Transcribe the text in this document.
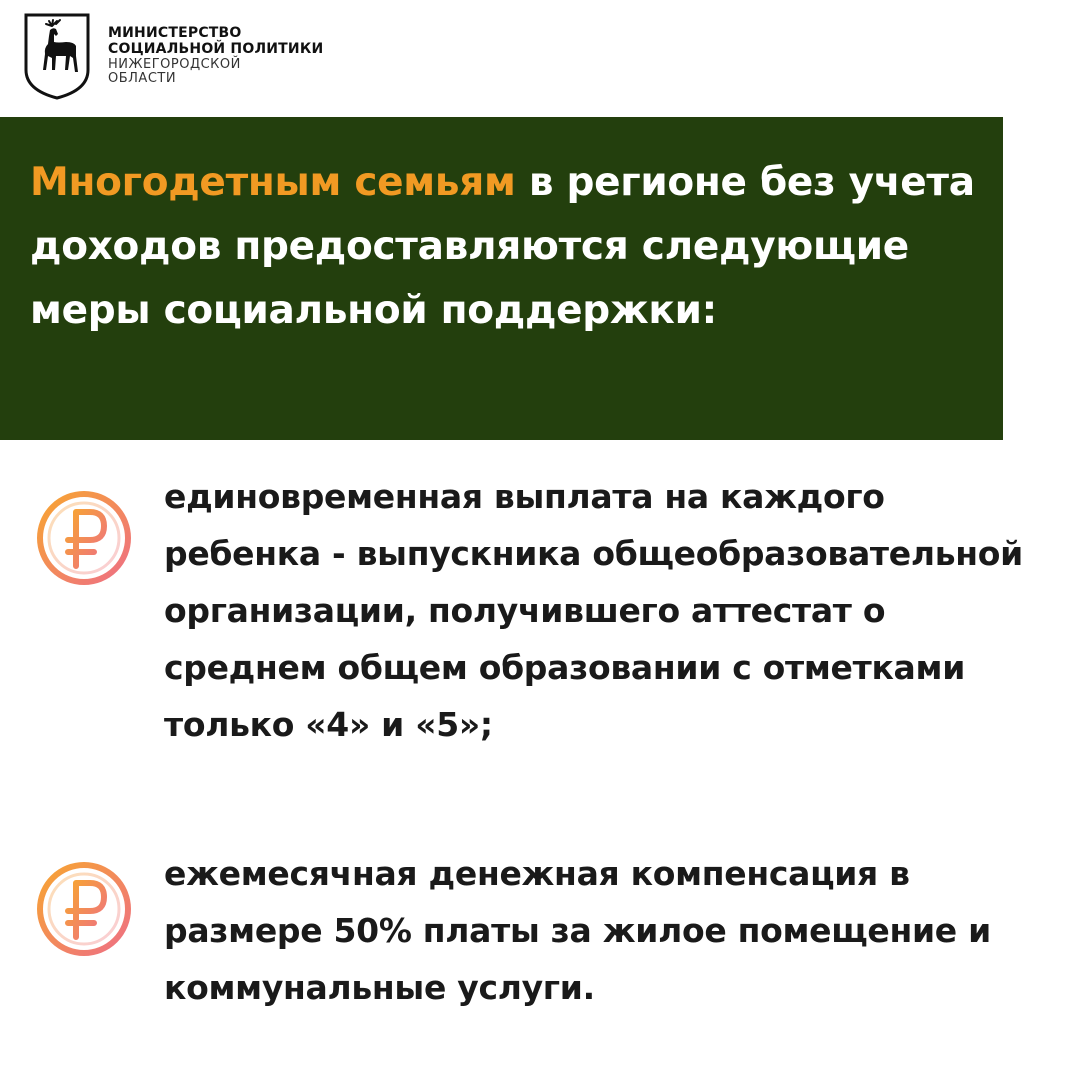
МИНИСТЕРСТВО
СОЦИАЛЬНОЙ ПОЛИТИКИ
НИЖЕГОРОДСКОЙ
ОБЛАСТИ
Многодетным семьям в регионе без учета доходов предоставляются следующие меры социальной поддержки:
единовременная выплата на каждого ребенка - выпускника общеобразовательной организации, получившего аттестат о среднем общем образовании с отметками только «4» и «5»;
ежемесячная денежная компенсация в размере 50% платы за жилое помещение и коммунальные услуги.
